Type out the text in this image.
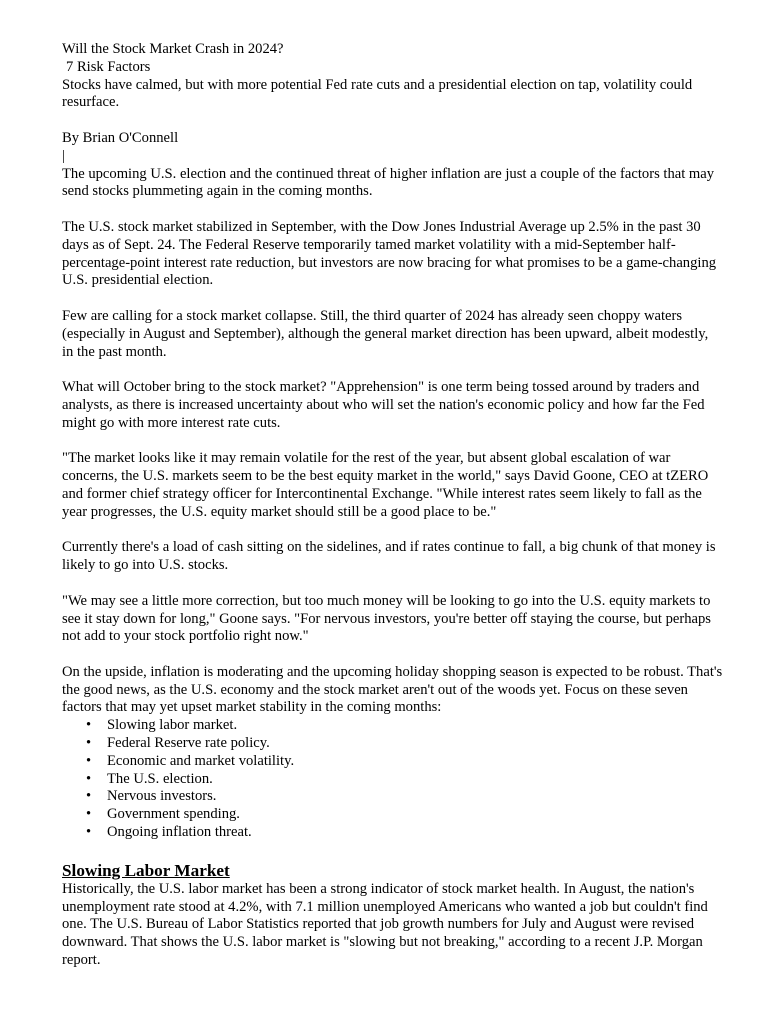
Will the Stock Market Crash in 2024?
7 Risk Factors

Stocks have calmed, but with more potential Fed rate cuts and a presidential election on tap, volatility could resurface.

By Brian O'Connell
|

The upcoming U.S. election and the continued threat of higher inflation are just a couple of the factors that may send stocks plummeting again in the coming months.

The U.S. stock market stabilized in September, with the Dow Jones Industrial Average up 2.5% in the past 30 days as of Sept. 24. The Federal Reserve temporarily tamed market volatility with a mid-September half-percentage-point interest rate reduction, but investors are now bracing for what promises to be a game-changing U.S. presidential election.

Few are calling for a stock market collapse. Still, the third quarter of 2024 has already seen choppy waters (especially in August and September), although the general market direction has been upward, albeit modestly, in the past month.

What will October bring to the stock market? "Apprehension" is one term being tossed around by traders and analysts, as there is increased uncertainty about who will set the nation's economic policy and how far the Fed might go with more interest rate cuts.

"The market looks like it may remain volatile for the rest of the year, but absent global escalation of war concerns, the U.S. markets seem to be the best equity market in the world," says David Goone, CEO at tZERO and former chief strategy officer for Intercontinental Exchange. "While interest rates seem likely to fall as the year progresses, the U.S. equity market should still be a good place to be."

Currently there's a load of cash sitting on the sidelines, and if rates continue to fall, a big chunk of that money is likely to go into U.S. stocks.

"We may see a little more correction, but too much money will be looking to go into the U.S. equity markets to see it stay down for long," Goone says. "For nervous investors, you're better off staying the course, but perhaps not add to your stock portfolio right now."

On the upside, inflation is moderating and the upcoming holiday shopping season is expected to be robust. That's the good news, as the U.S. economy and the stock market aren't out of the woods yet. Focus on these seven factors that may yet upset market stability in the coming months:

• Slowing labor market.
• Federal Reserve rate policy.
• Economic and market volatility.
• The U.S. election.
• Nervous investors.
• Government spending.
• Ongoing inflation threat.
Slowing Labor Market

Historically, the U.S. labor market has been a strong indicator of stock market health. In August, the nation's unemployment rate stood at 4.2%, with 7.1 million unemployed Americans who wanted a job but couldn't find one. The U.S. Bureau of Labor Statistics reported that job growth numbers for July and August were revised downward. That shows the U.S. labor market is "slowing but not breaking," according to a recent J.P. Morgan report.
